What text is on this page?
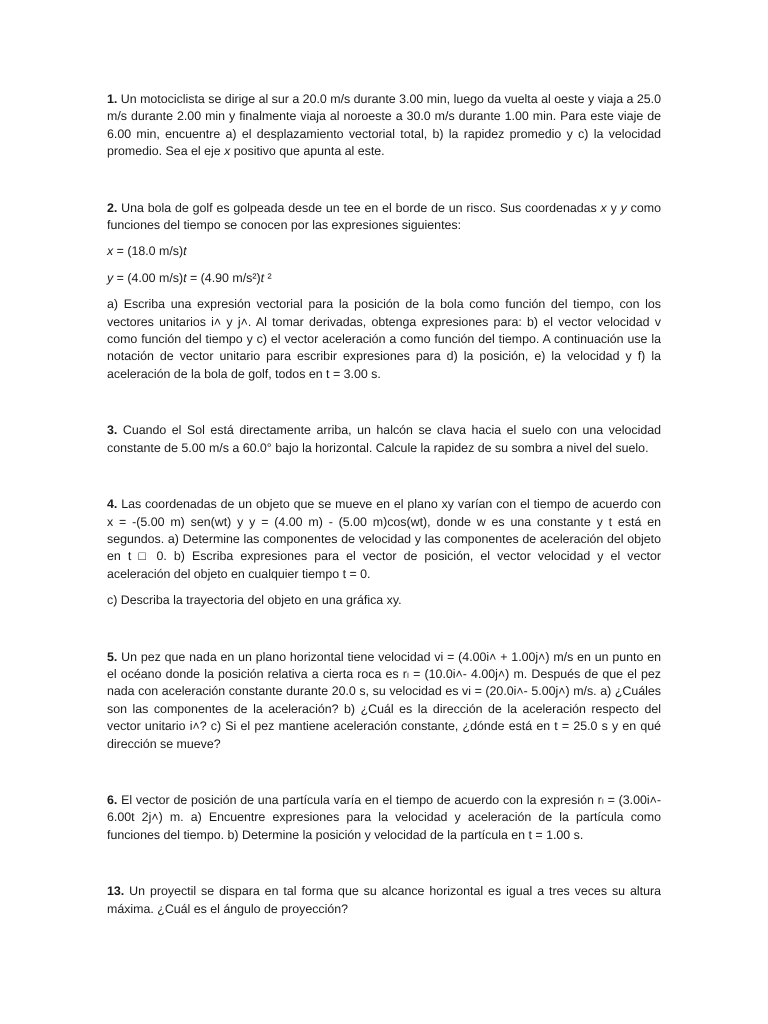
1. Un motociclista se dirige al sur a 20.0 m/s durante 3.00 min, luego da vuelta al oeste y viaja a 25.0 m/s durante 2.00 min y finalmente viaja al noroeste a 30.0 m/s durante 1.00 min. Para este viaje de 6.00 min, encuentre a) el desplazamiento vectorial total, b) la rapidez promedio y c) la velocidad promedio. Sea el eje x positivo que apunta al este.

2. Una bola de golf es golpeada desde un tee en el borde de un risco. Sus coordenadas x y y como funciones del tiempo se conocen por las expresiones siguientes:

x = (18.0 m/s)t

y = (4.00 m/s)t = (4.90 m/s²)t ²

a) Escriba una expresión vectorial para la posición de la bola como función del tiempo, con los vectores unitarios i˄ y j˄. Al tomar derivadas, obtenga expresiones para: b) el vector velocidad v como función del tiempo y c) el vector aceleración a como función del tiempo. A continuación use la notación de vector unitario para escribir expresiones para d) la posición, e) la velocidad y f) la aceleración de la bola de golf, todos en t = 3.00 s.

3. Cuando el Sol está directamente arriba, un halcón se clava hacia el suelo con una velocidad constante de 5.00 m/s a 60.0° bajo la horizontal. Calcule la rapidez de su sombra a nivel del suelo.

4. Las coordenadas de un objeto que se mueve en el plano xy varían con el tiempo de acuerdo con x = -(5.00 m) sen(wt) y y = (4.00 m) - (5.00 m)cos(wt), donde w es una constante y t está en segundos. a) Determine las componentes de velocidad y las componentes de aceleración del objeto en t □ 0. b) Escriba expresiones para el vector de posición, el vector velocidad y el vector aceleración del objeto en cualquier tiempo t = 0.

c) Describa la trayectoria del objeto en una gráfica xy.

5. Un pez que nada en un plano horizontal tiene velocidad vi = (4.00i˄ + 1.00j˄) m/s en un punto en el océano donde la posición relativa a cierta roca es rₗ = (10.0i˄- 4.00j˄) m. Después de que el pez nada con aceleración constante durante 20.0 s, su velocidad es vi = (20.0i˄- 5.00j˄) m/s. a) ¿Cuáles son las componentes de la aceleración? b) ¿Cuál es la dirección de la aceleración respecto del vector unitario i˄? c) Si el pez mantiene aceleración constante, ¿dónde está en t = 25.0 s y en qué dirección se mueve?

6. El vector de posición de una partícula varía en el tiempo de acuerdo con la expresión rₗ = (3.00i˄- 6.00t 2j˄) m. a) Encuentre expresiones para la velocidad y aceleración de la partícula como funciones del tiempo. b) Determine la posición y velocidad de la partícula en t = 1.00 s.

13. Un proyectil se dispara en tal forma que su alcance horizontal es igual a tres veces su altura máxima. ¿Cuál es el ángulo de proyección?
